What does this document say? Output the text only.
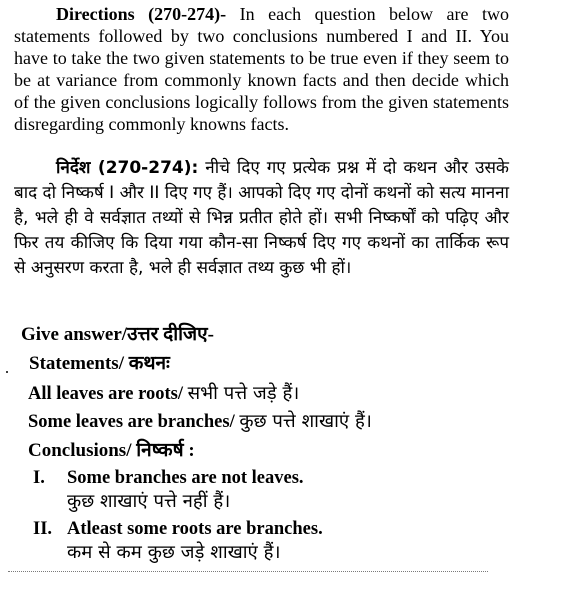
Directions (270-274)- In each question below are two statements followed by two conclusions numbered I and II. You have to take the two given statements to be true even if they seem to be at variance from commonly known facts and then decide which of the given conclusions logically follows from the given statements disregarding commonly knowns facts.
निर्देश (270-274): नीचे दिए गए प्रत्येक प्रश्न में दो कथन और उसके बाद दो निष्कर्ष I और II दिए गए हैं। आपको दिए गए दोनों कथनों को सत्य मानना है, भले ही वे सर्वज्ञात तथ्यों से भिन्न प्रतीत होते हों। सभी निष्कर्षों को पढ़िए और फिर तय कीजिए कि दिया गया कौन-सा निष्कर्ष दिए गए कथनों का तार्किक रूप से अनुसरण करता है, भले ही सर्वज्ञात तथ्य कुछ भी हों।
Give answer/उत्तर दीजिए-
Statements/ कथनः
All leaves are roots/ सभी पत्ते जड़े हैं।
Some leaves are branches/ कुछ पत्ते शाखाएं हैं।
Conclusions/ निष्कर्ष :
I.	Some branches are not leaves.
कुछ शाखाएं पत्ते नहीं हैं।
II. Atleast some roots are branches.
कम से कम कुछ जड़े शाखाएं हैं।
